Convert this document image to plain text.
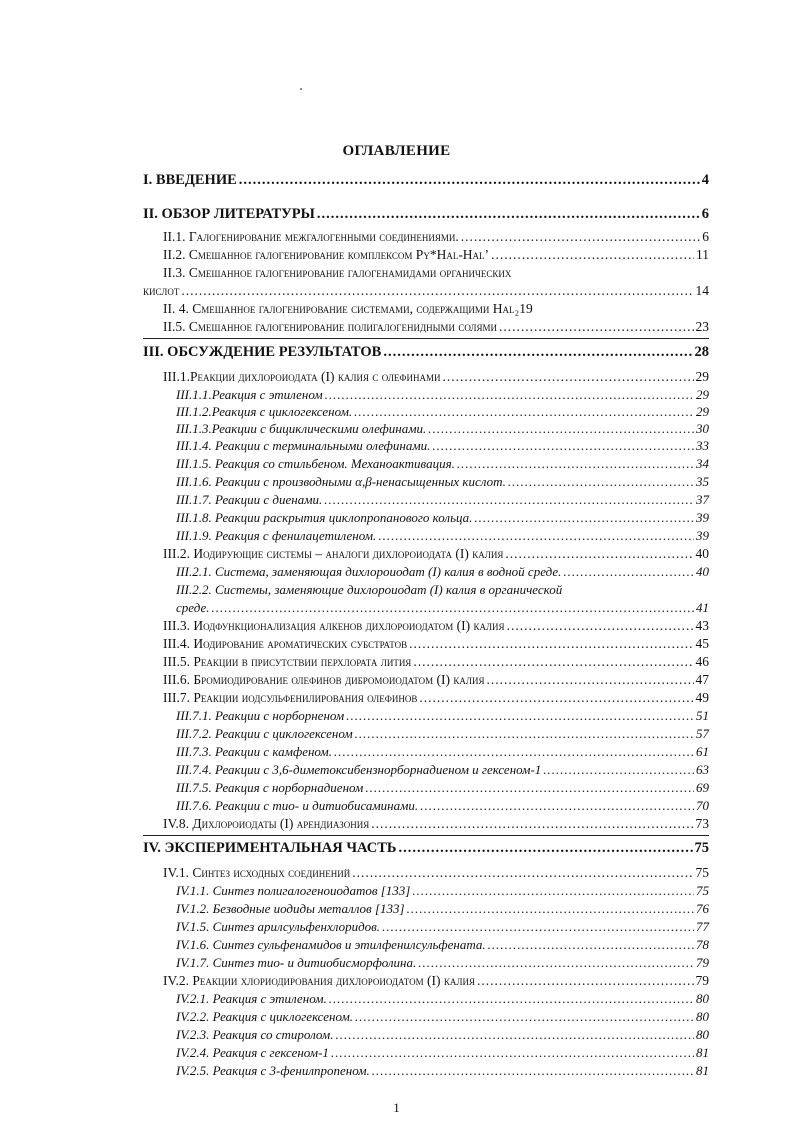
ОГЛАВЛЕНИЕ
I. ВВЕДЕНИЕ .....	4
II. ОБЗОР ЛИТЕРАТУРЫ .....	6
II.1. Галогенирование межгалогенными соединениями. .....	6
II.2. Смешанное галогенирование комплексом Py*Hal-Hal’ .....	11
II.3. Смешанное галогенирование галогенамидами органических
кислот .....	14
II. 4. Смешанное галогенирование системами, содержащими Hal₂ 19
II.5. Смешанное галогенирование полигалогенидными солями .....	23
III. ОБСУЖДЕНИЕ РЕЗУЛЬТАТОВ .....	28
III.1.Реакции дихлороиодата (I) калия с олефинами .....	29
III.1.1.Реакция с этиленом .....	29
III.1.2.Реакция с циклогексеном. .....	29
III.1.3.Реакции с бициклическими олефинами. .....	30
III.1.4. Реакции с терминальными олефинами. .....	33
III.1.5. Реакция со стильбеном. Механоактивация. .....	34
III.1.6. Реакции с производными α,β-ненасыщенных кислот. .....	35
III.1.7. Реакции с диенами. .....	37
III.1.8. Реакции раскрытия циклопропанового кольца. .....	39
III.1.9. Реакция с фенилацетиленом. .....	39
III.2. Иодирующие системы – аналоги дихлороиодата (I) калия .....	40
III.2.1. Система, заменяющая дихлороиодат (I) калия в водной среде. .....	40
III.2.2. Системы, заменяющие дихлороиодат (I) калия в органической
среде. .....	41
III.3. Иодфункционализация алкенов дихлороиодатом (I) калия .....	43
III.4. Иодирование ароматических субстратов .....	45
III.5. Реакции в присутствии перхлората лития .....	46
III.6. Бромиодирование олефинов дибромоиодатом (I) калия .....	47
III.7. Реакции иодсульфенилирования олефинов .....	49
III.7.1. Реакции с норборненом .....	51
III.7.2. Реакции с циклогексеном .....	57
III.7.3. Реакции с камфеном. .....	61
III.7.4. Реакции с 3,6-диметоксибензнорборнадиеном и гексеном-1 .....	63
III.7.5. Реакция с норборнадиеном .....	69
III.7.6. Реакции с тио- и дитиобисаминами. .....	70
IV.8. Дихлороиодаты (I) арендиазония .....	73
IV. ЭКСПЕРИМЕНТАЛЬНАЯ ЧАСТЬ .....	75
IV.1. Синтез исходных соединений .....	75
IV.1.1. Синтез полигалогеноиодатов [133] .....	75
IV.1.2. Безводные иодиды металлов [133] .....	76
IV.1.5. Синтез арилсульфенхлоридов. .....	77
IV.1.6. Синтез сульфенамидов и этилфенилсульфената. .....	78
IV.1.7. Синтез тио- и дитиобисморфолина. .....	79
IV.2. Реакции хлориодирования дихлороиодатом (I) калия .....	79
IV.2.1. Реакция с этиленом. .....	80
IV.2.2. Реакция с циклогексеном. .....	80
IV.2.3. Реакция со стиролом. .....	80
IV.2.4. Реакция с гексеном-1 .....	81
IV.2.5. Реакция с 3-фенилпропеном. .....	81
1
